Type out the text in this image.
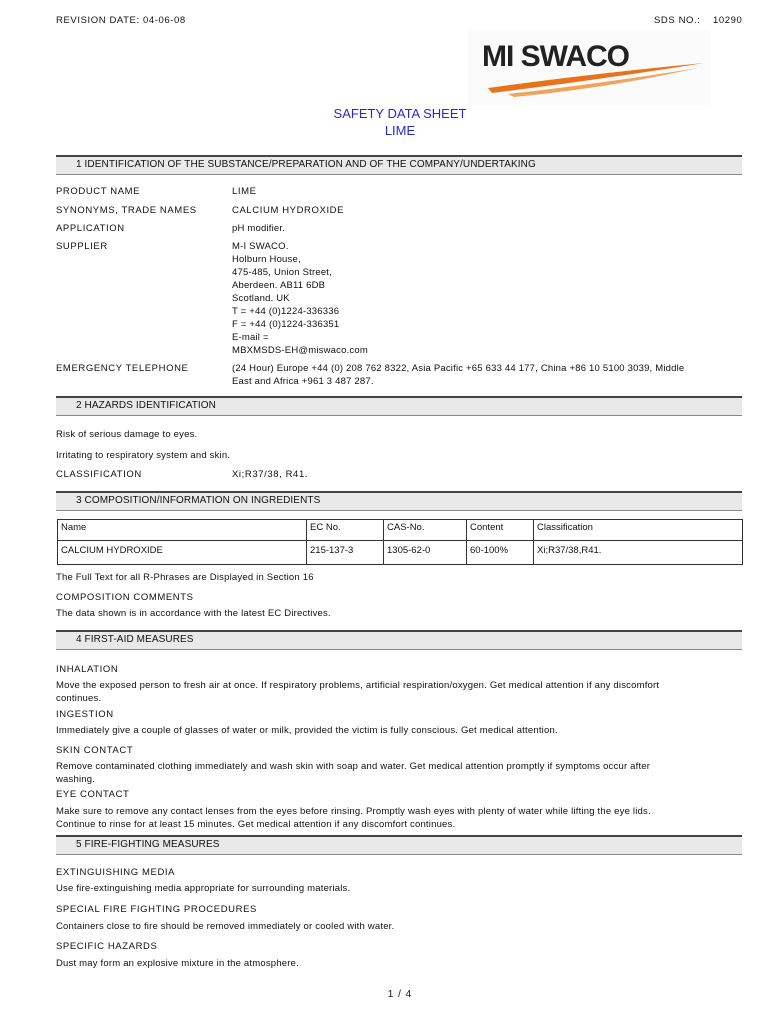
REVISION DATE: 04-06-08	SDS NO.: 10290
MI SWACO
SAFETY DATA SHEET
LIME
1 IDENTIFICATION OF THE SUBSTANCE/PREPARATION AND OF THE COMPANY/UNDERTAKING
PRODUCT NAME	LIME
SYNONYMS, TRADE NAMES	CALCIUM HYDROXIDE
APPLICATION	pH modifier.
SUPPLIER	M-I SWACO.
Holburn House,
475-485, Union Street,
Aberdeen. AB11 6DB
Scotland. UK
T = +44 (0)1224-336336
F = +44 (0)1224-336351
E-mail =
MBXMSDS-EH@miswaco.com
EMERGENCY TELEPHONE	(24 Hour) Europe +44 (0) 208 762 8322, Asia Pacific +65 633 44 177, China +86 10 5100 3039, Middle
East and Africa +961 3 487 287.
2 HAZARDS IDENTIFICATION
Risk of serious damage to eyes.
Irritating to respiratory system and skin.
CLASSIFICATION	Xi;R37/38, R41.
3 COMPOSITION/INFORMATION ON INGREDIENTS
Name	EC No.	CAS-No.	Content	Classification
CALCIUM HYDROXIDE	215-137-3	1305-62-0	60-100%	Xi;R37/38,R41.
The Full Text for all R-Phrases are Displayed in Section 16
COMPOSITION COMMENTS
The data shown is in accordance with the latest EC Directives.
4 FIRST-AID MEASURES
INHALATION
Move the exposed person to fresh air at once. If respiratory problems, artificial respiration/oxygen. Get medical attention if any discomfort
continues.
INGESTION
Immediately give a couple of glasses of water or milk, provided the victim is fully conscious. Get medical attention.
SKIN CONTACT
Remove contaminated clothing immediately and wash skin with soap and water. Get medical attention promptly if symptoms occur after
washing.
EYE CONTACT
Make sure to remove any contact lenses from the eyes before rinsing. Promptly wash eyes with plenty of water while lifting the eye lids.
Continue to rinse for at least 15 minutes. Get medical attention if any discomfort continues.
5 FIRE-FIGHTING MEASURES
EXTINGUISHING MEDIA
Use fire-extinguishing media appropriate for surrounding materials.
SPECIAL FIRE FIGHTING PROCEDURES
Containers close to fire should be removed immediately or cooled with water.
SPECIFIC HAZARDS
Dust may form an explosive mixture in the atmosphere.
1 / 4
